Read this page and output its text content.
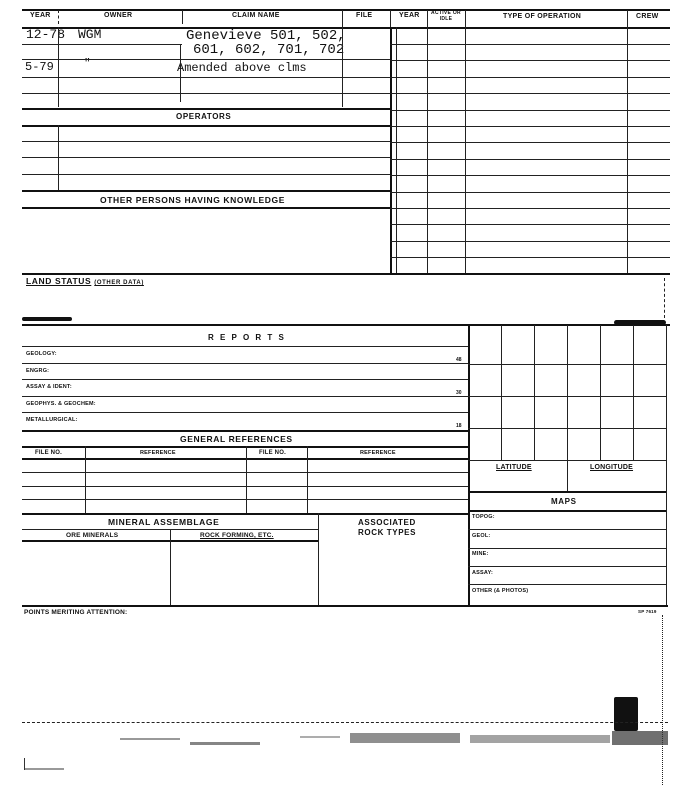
YEAR	OWNER	CLAIM NAME	FILE	YEAR ACTIVE OR IDLE	TYPE OF OPERATION	CREW
12-78 WGM	Genevieve 501, 502,
601, 602, 701, 702
5-79	"	Amended above clms
OPERATORS
OTHER PERSONS HAVING KNOWLEDGE
LAND STATUS (OTHER DATA)
R E P O R T S
GEOLOGY:
48
ENGRG:
ASSAY & IDENT:
30
GEOPHYS. & GEOCHEM:
METALLURGICAL:
18
GENERAL REFERENCES
FILE NO.	REFERENCE	FILE NO.	REFERENCE
LATITUDE	LONGITUDE
MAPS
TOPOG:
GEOL:
MINE:
ASSAY:
OTHER (& PHOTOS)
MINERAL ASSEMBLAGE	ASSOCIATED
ROCK TYPES
ORE MINERALS	ROCK FORMING, ETC.
POINTS MERITING ATTENTION:	SP 7619
